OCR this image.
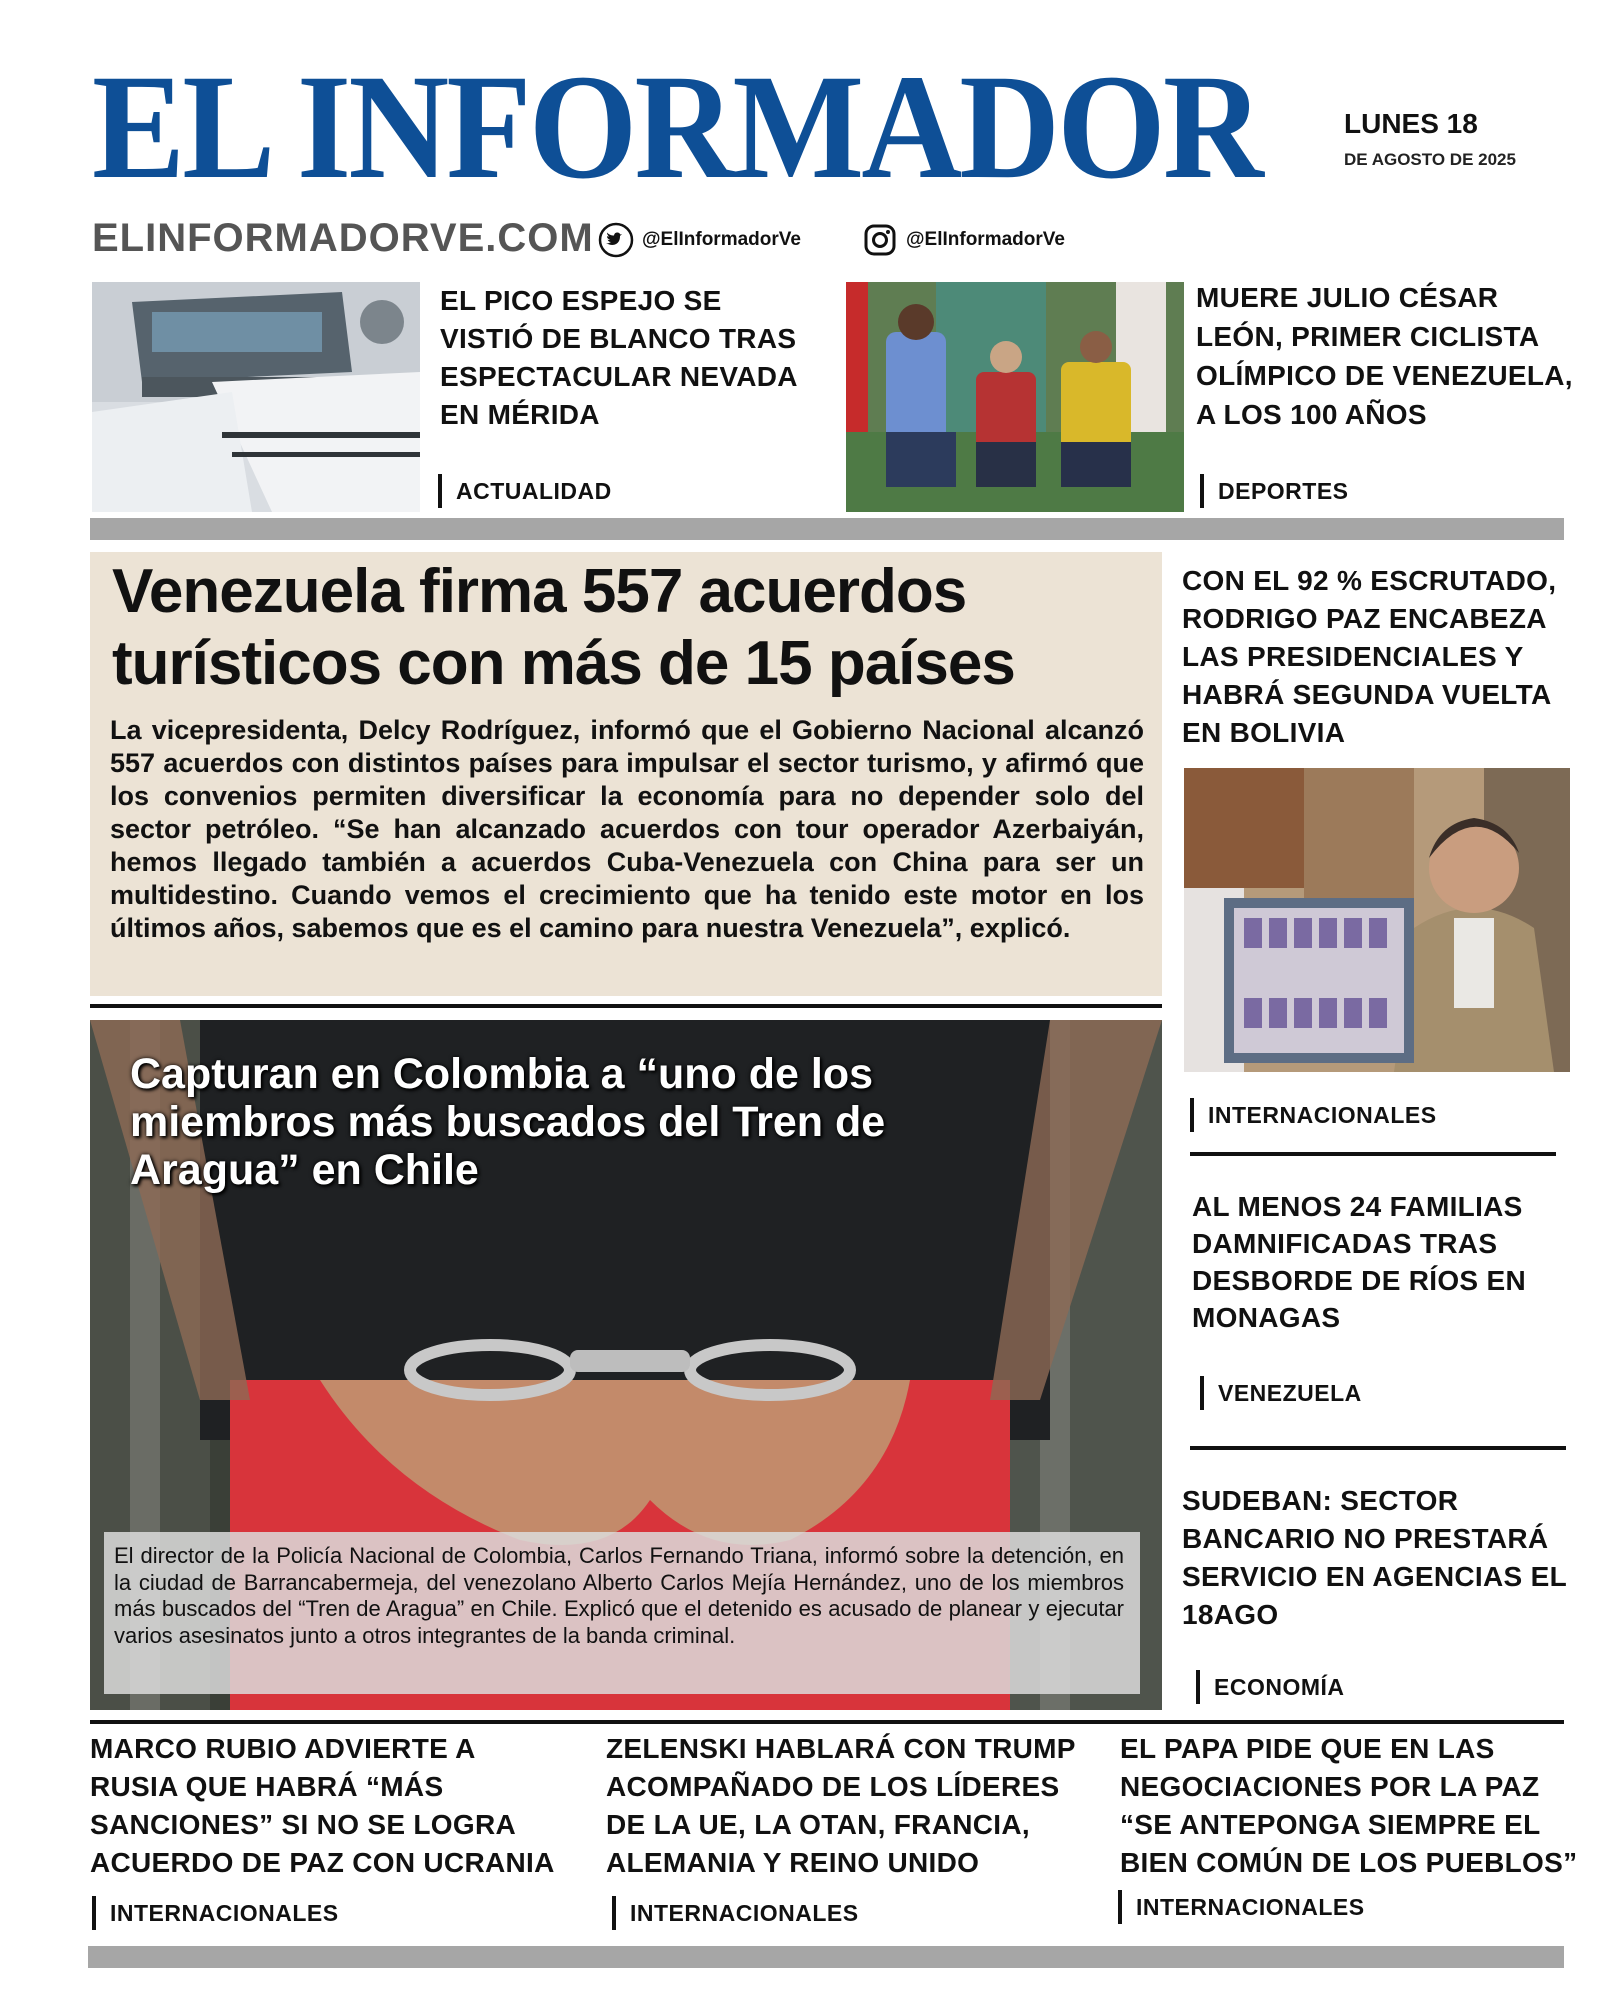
EL INFORMADOR	LUNES 18
DE AGOSTO DE 2025
ELINFORMADORVE.COM	@ElInformadorVe	@ElInformadorVe
EL PICO ESPEJO SE VISTIÓ DE BLANCO TRAS ESPECTACULAR NEVADA EN MÉRIDA
ACTUALIDAD
MUERE JULIO CÉSAR LEÓN, PRIMER CICLISTA OLÍMPICO DE VENEZUELA, A LOS 100 AÑOS
DEPORTES
Venezuela firma 557 acuerdos turísticos con más de 15 países
La vicepresidenta, Delcy Rodríguez, informó que el Gobierno Nacional alcanzó 557 acuerdos con distintos países para impulsar el sector turismo, y afirmó que los convenios permiten diversificar la economía para no depender solo del sector petróleo. “Se han alcanzado acuerdos con tour operador Azerbaiyán, hemos llegado también a acuerdos Cuba-Venezuela con China para ser un multidestino. Cuando vemos el crecimiento que ha tenido este motor en los últimos años, sabemos que es el camino para nuestra Venezuela”, explicó.
Capturan en Colombia a “uno de los miembros más buscados del Tren de Aragua” en Chile
El director de la Policía Nacional de Colombia, Carlos Fernando Triana, informó sobre la detención, en la ciudad de Barrancabermeja, del venezolano Alberto Carlos Mejía Hernández, uno de los miembros más buscados del “Tren de Aragua” en Chile. Explicó que el detenido es acusado de planear y ejecutar varios asesinatos junto a otros integrantes de la banda criminal.
CON EL 92 % ESCRUTADO, RODRIGO PAZ ENCABEZA LAS PRESIDENCIALES Y HABRÁ SEGUNDA VUELTA EN BOLIVIA
INTERNACIONALES
AL MENOS 24 FAMILIAS DAMNIFICADAS TRAS DESBORDE DE RÍOS EN MONAGAS
VENEZUELA
SUDEBAN: SECTOR BANCARIO NO PRESTARÁ SERVICIO EN AGENCIAS EL 18AGO
ECONOMÍA
MARCO RUBIO ADVIERTE A RUSIA QUE HABRÁ “MÁS SANCIONES” SI NO SE LOGRA ACUERDO DE PAZ CON UCRANIA
INTERNACIONALES
ZELENSKI HABLARÁ CON TRUMP ACOMPAÑADO DE LOS LÍDERES DE LA UE, LA OTAN, FRANCIA, ALEMANIA Y REINO UNIDO
INTERNACIONALES
EL PAPA PIDE QUE EN LAS NEGOCIACIONES POR LA PAZ “SE ANTEPONGA SIEMPRE EL BIEN COMÚN DE LOS PUEBLOS”
INTERNACIONALES
